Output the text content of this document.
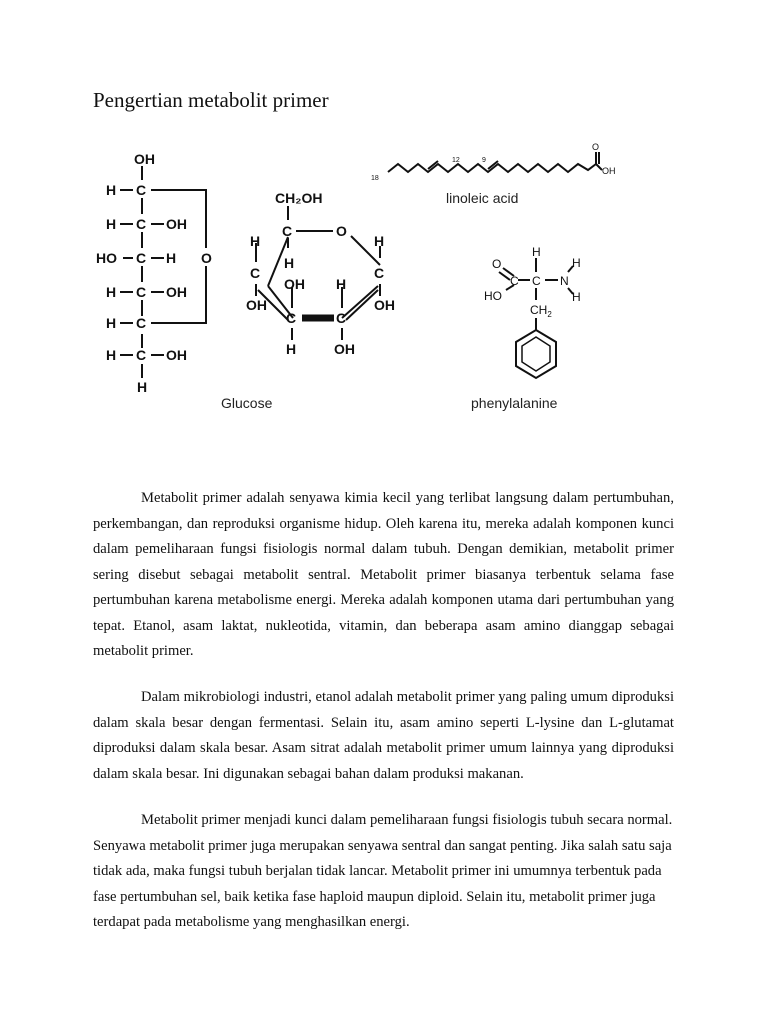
Pengertian metabolit primer
OH
H C
H C OH
HO C H
H C OH
H C
H C OH
H
O
CH₂OH
H
C	O
H
H
C	C
OH H
OH	OH
C	C
H	OH
18
12	9
O
OH
H
O
C C N
H
HO	H
$CH_2$
Glucose
linoleic acid
phenylalanine

Metabolit primer adalah senyawa kimia kecil yang terlibat langsung dalam pertumbuhan, perkembangan, dan reproduksi organisme hidup. Oleh karena itu, mereka adalah komponen kunci dalam pemeliharaan fungsi fisiologis normal dalam tubuh. Dengan demikian, metabolit primer sering disebut sebagai metabolit sentral. Metabolit primer biasanya terbentuk selama fase pertumbuhan karena metabolisme energi. Mereka adalah komponen utama dari pertumbuhan yang tepat. Etanol, asam laktat, nukleotida, vitamin, dan beberapa asam amino dianggap sebagai metabolit primer.

Dalam mikrobiologi industri, etanol adalah metabolit primer yang paling umum diproduksi dalam skala besar dengan fermentasi. Selain itu, asam amino seperti L-lysine dan L-glutamat diproduksi dalam skala besar. Asam sitrat adalah metabolit primer umum lainnya yang diproduksi dalam skala besar. Ini digunakan sebagai bahan dalam produksi makanan.

Metabolit primer menjadi kunci dalam pemeliharaan fungsi fisiologis tubuh secara normal. Senyawa metabolit primer juga merupakan senyawa sentral dan sangat penting. Jika salah satu saja tidak ada, maka fungsi tubuh berjalan tidak lancar. Metabolit primer ini umumnya terbentuk pada fase pertumbuhan sel, baik ketika fase haploid maupun diploid. Selain itu, metabolit primer juga terdapat pada metabolisme yang menghasilkan energi.
